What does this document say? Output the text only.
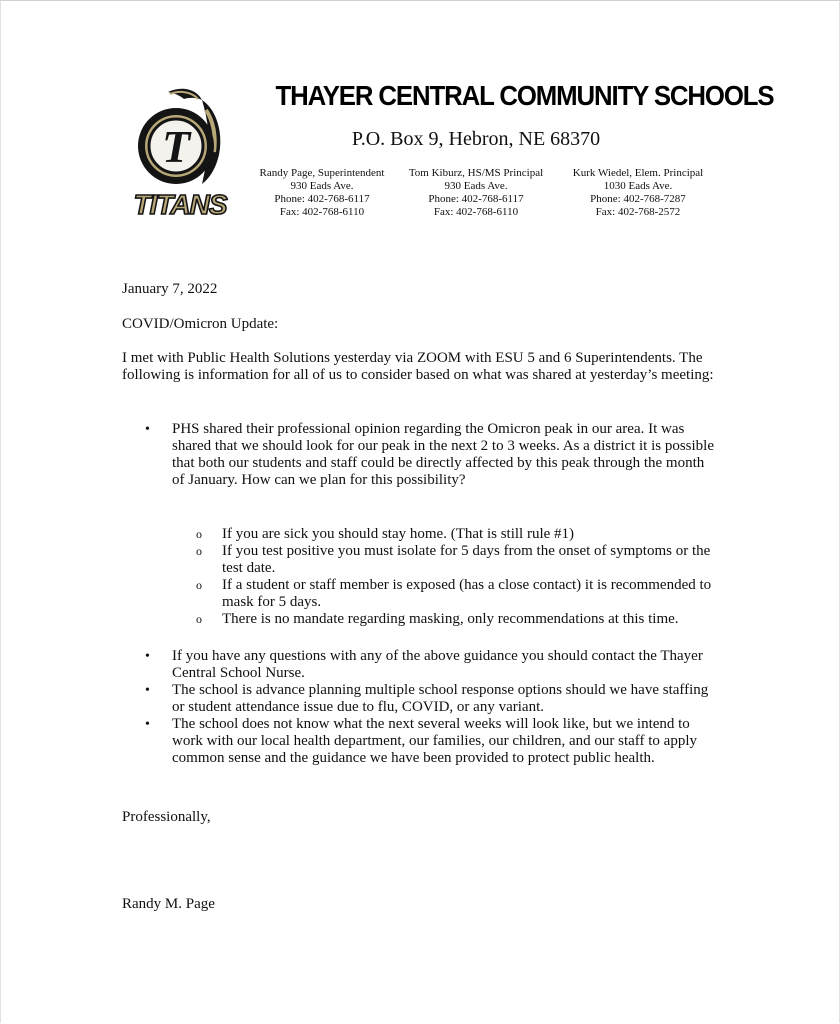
T
TITANS
THAYER CENTRAL COMMUNITY SCHOOLS
P.O. Box 9, Hebron, NE 68370
Randy Page, Superintendent
930 Eads Ave.
Phone: 402-768-6117
Fax: 402-768-6110
Tom Kiburz, HS/MS Principal
930 Eads Ave.
Phone: 402-768-6117
Fax: 402-768-6110
Kurk Wiedel, Elem. Principal
1030 Eads Ave.
Phone: 402-768-7287
Fax: 402-768-2572
January 7, 2022
COVID/Omicron Update:
I met with Public Health Solutions yesterday via ZOOM with ESU 5 and 6 Superintendents. The following is information for all of us to consider based on what was shared at yesterday’s meeting:
•	PHS shared their professional opinion regarding the Omicron peak in our area. It was shared that we should look for our peak in the next 2 to 3 weeks. As a district it is possible that both our students and staff could be directly affected by this peak through the month of January. How can we plan for this possibility?
o	If you are sick you should stay home. (That is still rule #1)
o	If you test positive you must isolate for 5 days from the onset of symptoms or the test date.
o	If a student or staff member is exposed (has a close contact) it is recommended to mask for 5 days.
o	There is no mandate regarding masking, only recommendations at this time.
•	If you have any questions with any of the above guidance you should contact the Thayer Central School Nurse.
•	The school is advance planning multiple school response options should we have staffing or student attendance issue due to flu, COVID, or any variant.
•	The school does not know what the next several weeks will look like, but we intend to work with our local health department, our families, our children, and our staff to apply common sense and the guidance we have been provided to protect public health.
Professionally,
Randy M. Page
